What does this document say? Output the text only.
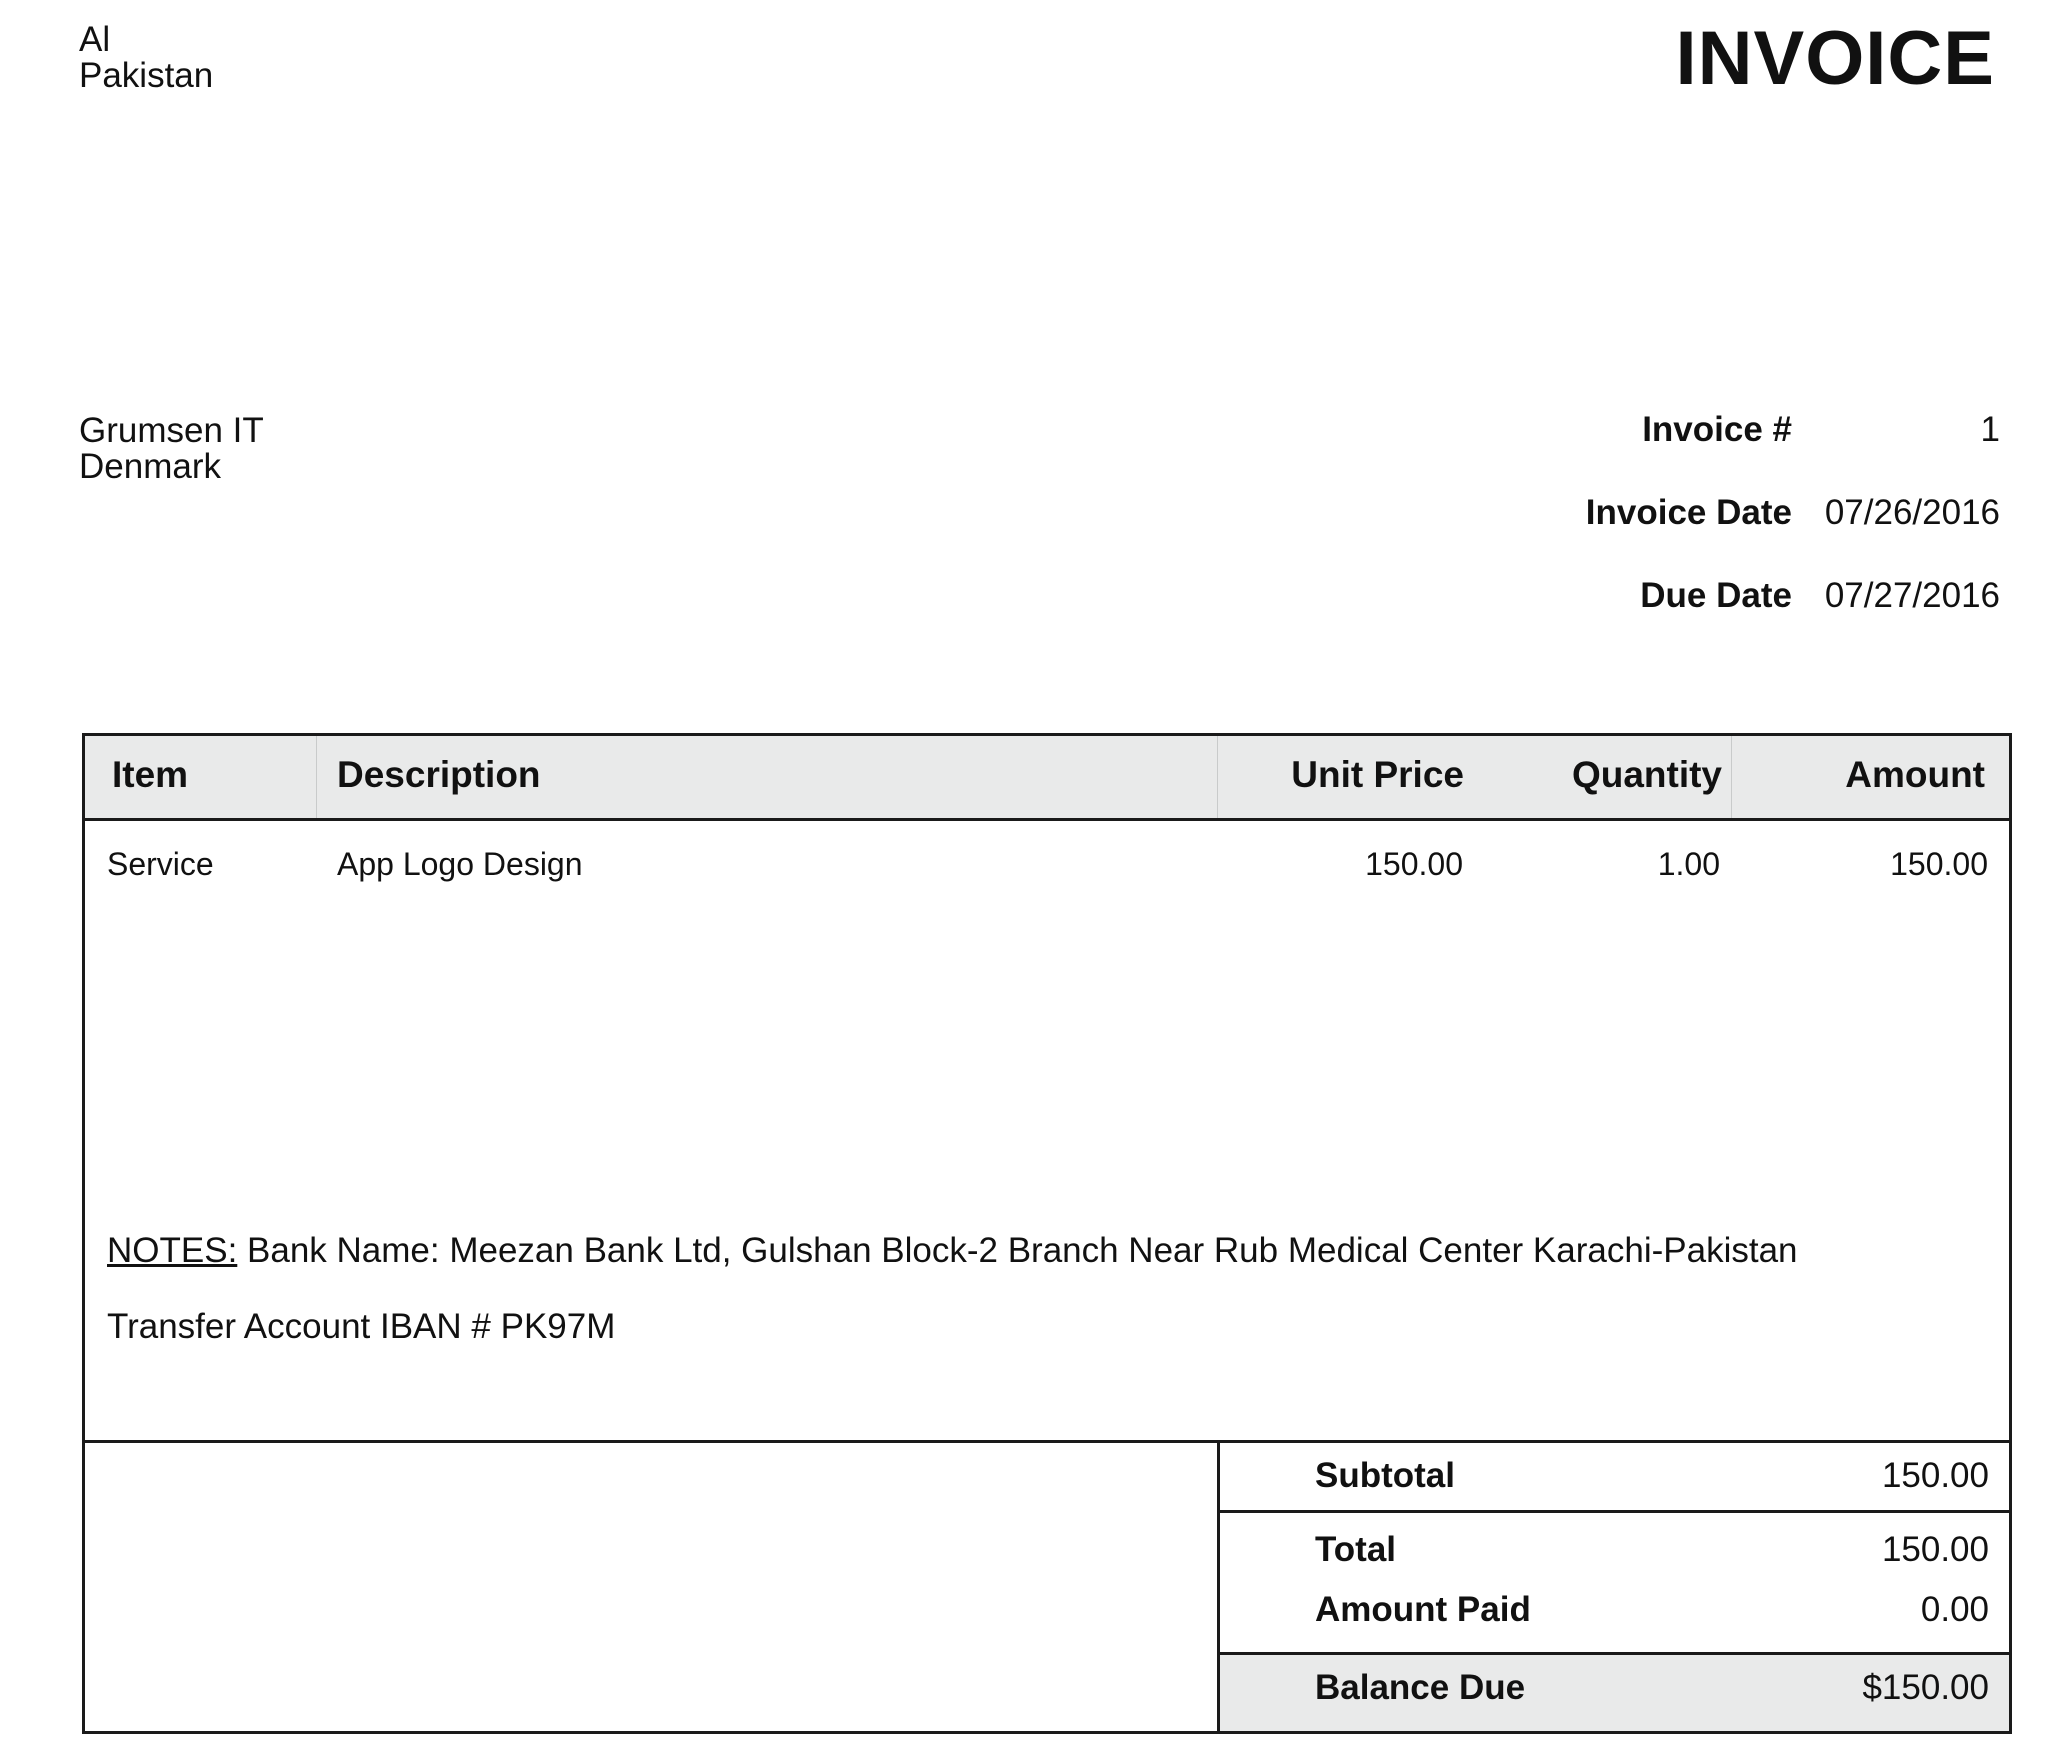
Al
Pakistan	INVOICE
Grumsen IT
Denmark
Invoice #	1
Invoice Date 07/26/2016
Due Date 07/27/2016
Item	Description	Unit Price	Quantity	Amount
Service	App Logo Design	150.00	1.00	150.00
NOTES: Bank Name: Meezan Bank Ltd, Gulshan Block-2 Branch Near Rub Medical Center Karachi-Pakistan
Transfer Account IBAN # PK97M
Subtotal	150.00
Total	150.00
Amount Paid	0.00
Balance Due	$150.00
